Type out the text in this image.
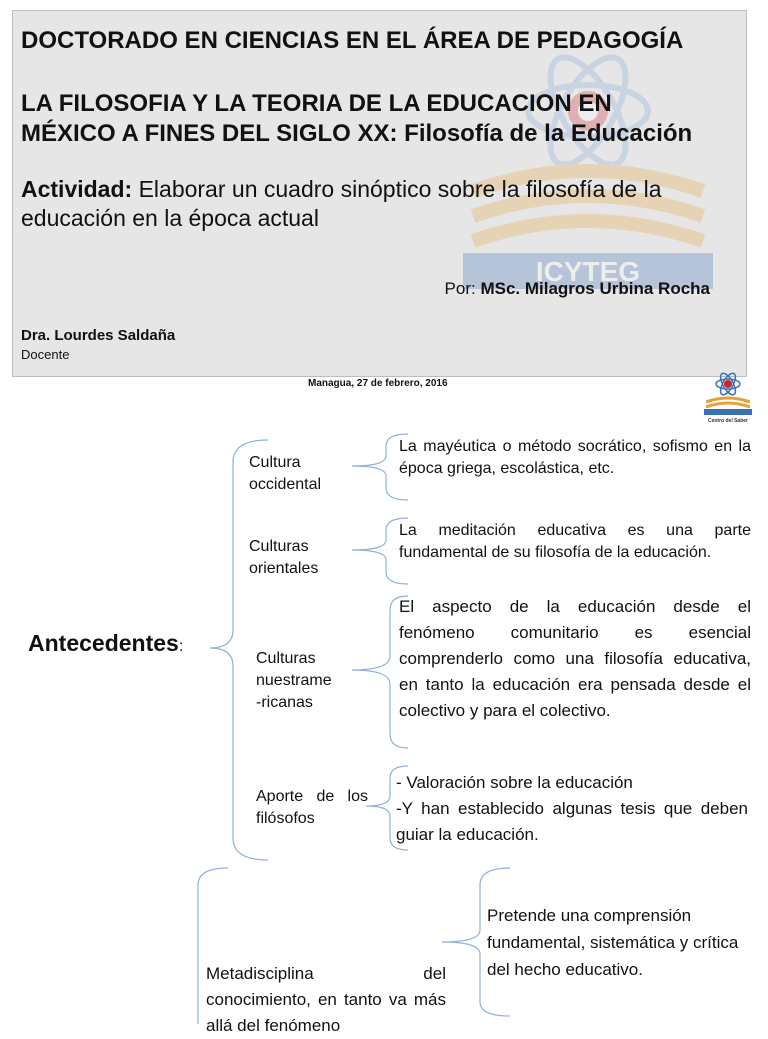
ICYTEG

DOCTORADO EN CIENCIAS EN EL ÁREA DE PEDAGOGÍA

LA FILOSOFIA Y LA TEORIA DE LA EDUCACION EN
MÉXICO A FINES DEL SIGLO XX: Filosofía de la Educación
Actividad: Elaborar un cuadro sinóptico sobre la filosofía de la educación en la época actual
Por: MSc. Milagros Urbina Rocha
Dra. Lourdes Saldaña
Docente
Managua, 27 de febrero, 2016
Centro del Saber
Antecedentes:
Cultura occidental
La mayéutica o método socrático, sofismo en la época griega, escolástica, etc.
Culturas orientales
La meditación educativa es una parte fundamental de su filosofía de la educación.
Culturas
nuestrame
-ricanas
El aspecto de la educación desde el fenómeno comunitario es esencial comprenderlo como una filosofía educativa, en tanto la educación era pensada desde el colectivo y para el colectivo.
Aporte de los filósofos
- Valoración sobre la educación
-Y han establecido algunas tesis que deben guiar la educación.
Metadisciplina del conocimiento, en tanto va más allá del fenómeno
Pretende una comprensión fundamental, sistemática y crítica del hecho educativo.
